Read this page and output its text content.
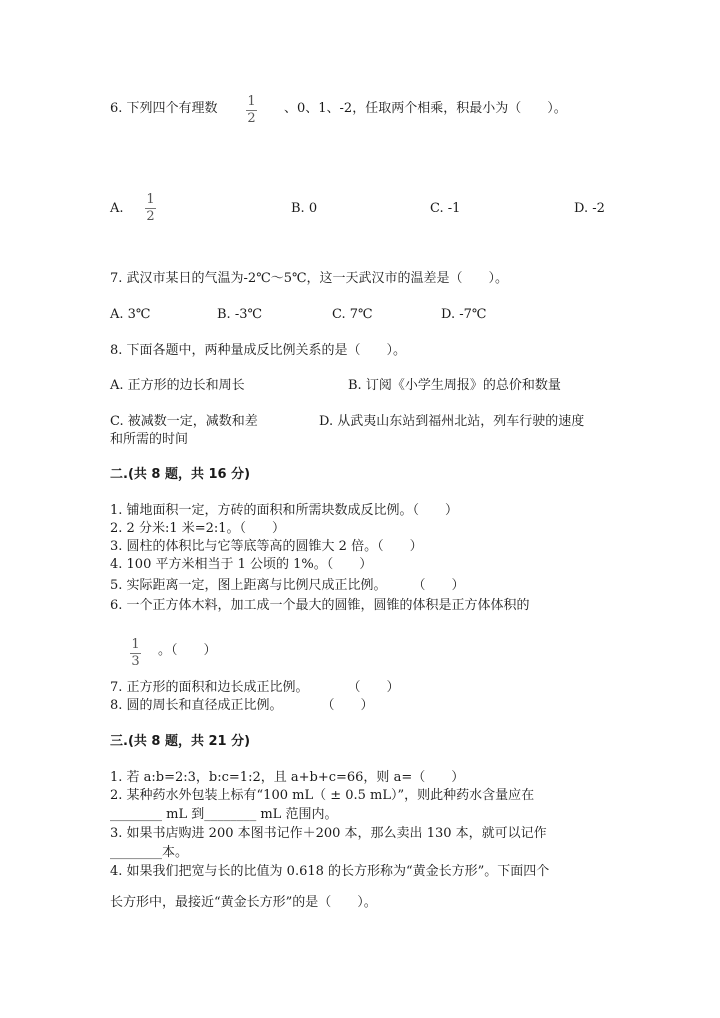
6. 下列四个有理数 1
2
、0、1、-2，任取两个相乘，积最小为（　　）。
A.
1
2
B. 0	C. -1	D. -2
7. 武汉市某日的气温为-2℃～5℃，这一天武汉市的温差是（　　）。
A. 3℃	B. -3℃	C. 7℃	D. -7℃
8. 下面各题中，两种量成反比例关系的是（　　）。
A. 正方形的边长和周长	B. 订阅《小学生周报》的总价和数量
C. 被减数一定，减数和差	D. 从武夷山东站到福州北站，列车行驶的速度
和所需的时间
二.(共 8 题，共 16 分)
1. 铺地面积一定，方砖的面积和所需块数成反比例。（　　）
2. 2 分米:1 米=2:1。（　　）
3. 圆柱的体积比与它等底等高的圆锥大 2 倍。（　　）
4. 100 平方米相当于 1 公顷的 1%。（　　）
5. 实际距离一定，图上距离与比例尺成正比例。　　　（　　）
6. 一个正方体木料，加工成一个最大的圆锥，圆锥的体积是正方体体积的
1
3
。（　　）
7. 正方形的面积和边长成正比例。　　　　（　　）
8. 圆的周长和直径成正比例。　　　　（　　）
三.(共 8 题，共 21 分)
1. 若 a:b=2:3，b:c=1:2，且 a+b+c=66，则 a=（　　）
2. 某种药水外包装上标有“100 mL（ ± 0.5 mL）”，则此种药水含量应在
________ mL 到________ mL 范围内。
3. 如果书店购进 200 本图书记作＋200 本，那么卖出 130 本，就可以记作
________本。
4. 如果我们把宽与长的比值为 0.618 的长方形称为“黄金长方形”。下面四个
长方形中，最接近“黄金长方形”的是（　　）。
